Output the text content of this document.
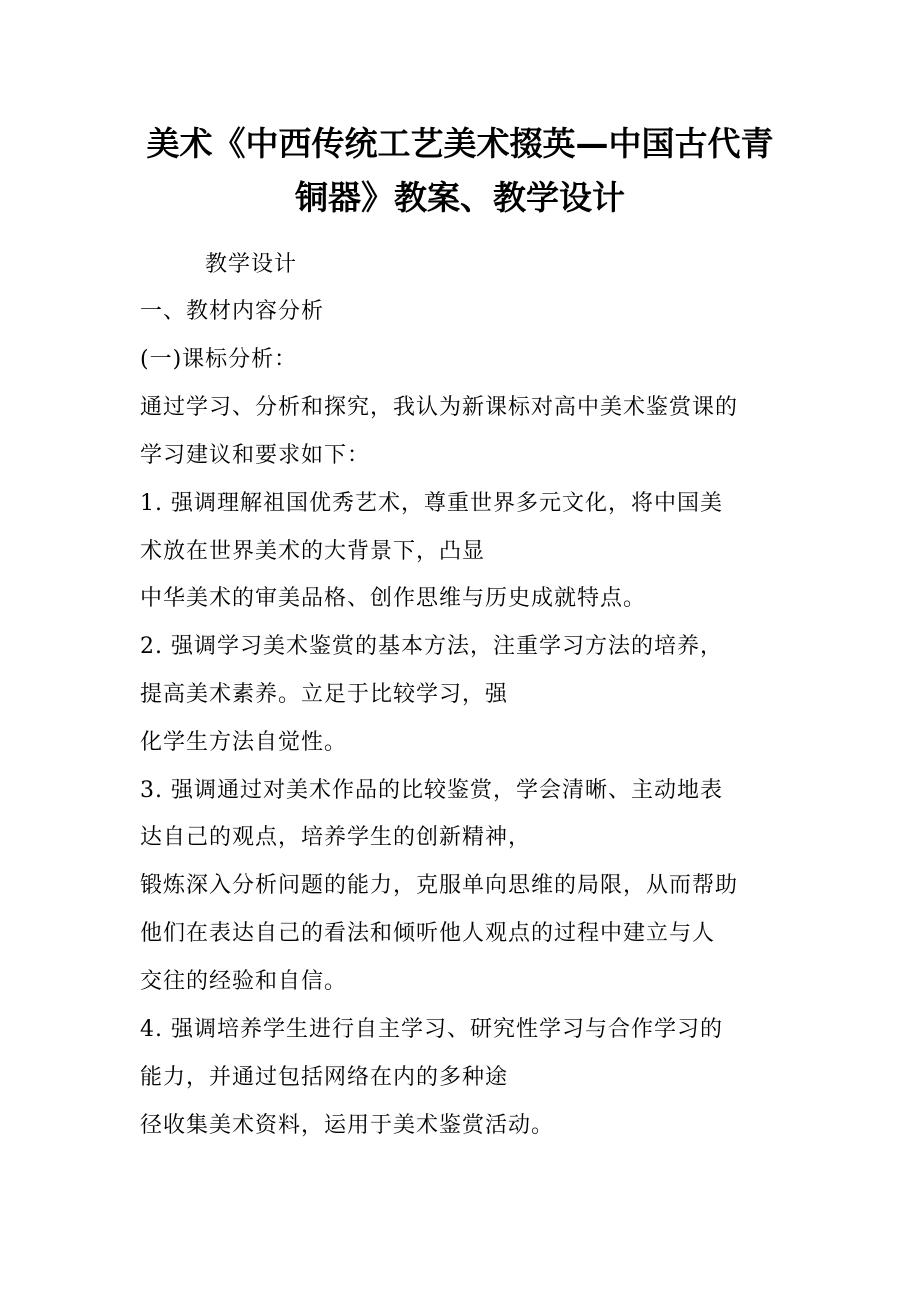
美术《中西传统工艺美术掇英—中国古代青
铜器》教案、教学设计
教学设计
一、教材内容分析
(一)课标分析：
通过学习、分析和探究，我认为新课标对高中美术鉴赏课的
学习建议和要求如下：
1. 强调理解祖国优秀艺术，尊重世界多元文化，将中国美
术放在世界美术的大背景下，凸显
中华美术的审美品格、创作思维与历史成就特点。
2. 强调学习美术鉴赏的基本方法，注重学习方法的培养，
提高美术素养。立足于比较学习，强
化学生方法自觉性。
3. 强调通过对美术作品的比较鉴赏，学会清晰、主动地表
达自己的观点，培养学生的创新精神，
锻炼深入分析问题的能力，克服单向思维的局限，从而帮助
他们在表达自己的看法和倾听他人观点的过程中建立与人
交往的经验和自信。
4. 强调培养学生进行自主学习、研究性学习与合作学习的
能力，并通过包括网络在内的多种途
径收集美术资料，运用于美术鉴赏活动。
